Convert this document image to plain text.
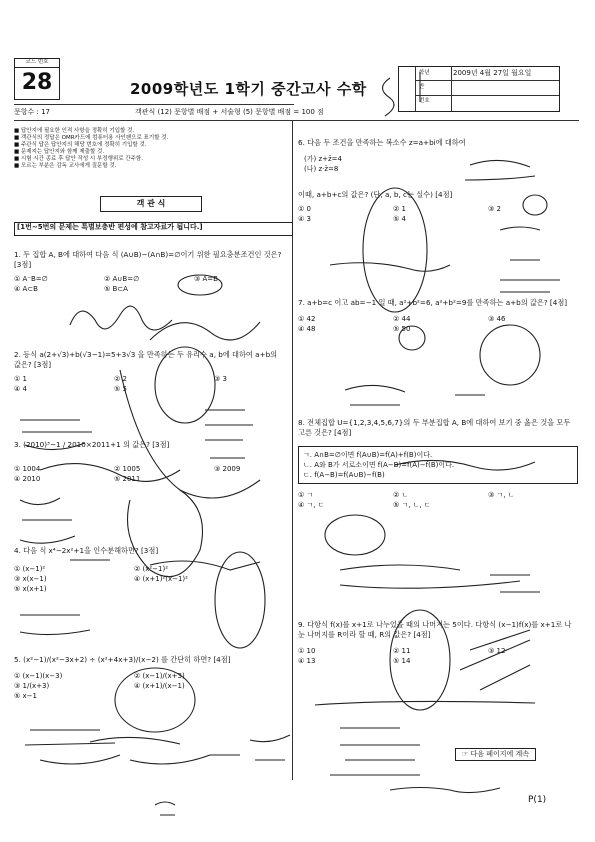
코드 번호
28	2009학년도 1학기 중간고사 수학
2009년 4월 27일 월요일
학년
반
번호
문항수 : 17	객관식 (12) 문항별 배점 + 서술형 (5) 문항별 배점 = 100 점
■ 답안지에 필요한 인적 사항을 정확히 기입할 것.
■ 객관식의 정답은 OMR카드에 컴퓨터용 사인펜으로 표기할 것.
■ 주관식 답은 답안지의 해당 번호에 정확히 기입할 것.
■ 문제지는 답안지와 함께 제출할 것.
■ 시험 시간 종료 후 답안 작성 시 부정행위로 간주함.
■ 모르는 부분은 감독 교사에게 질문할 것.
객 관 식
[1번~5번의 문제는 특별보충반 편성에 참고자료가 됩니다.]
1. 두 집합 A, B에 대하여 다음 식 (A∪B)−(A∩B)=∅이기 위한 필요충분조건인 것은? [3점]
① A⁻B=∅	② A∪B=∅	③ A=B
④ A⊂B	⑤ B⊂A
2. 등식 a(2+√3)+b(√3−1)=5+3√3 을 만족하는 두 유리수 a, b에 대하여 a+b의 값은? [3점]
① 1	② 2	③ 3
④ 4	⑤ 5
3. (2010)³−1 / 2010×2011+1 의 값은? [3점]
① 1004	② 1005	③ 2009
④ 2010	⑤ 2011
4. 다음 식 x⁴−2x²+1을 인수분해하면? [3점]
① (x−1)²	② (x²−1)²
③ x(x−1)	④ (x+1)²(x−1)²
⑤ x(x+1)
5. (x²−1)/(x²−3x+2) ÷ (x²+4x+3)/(x−2) 를 간단히 하면? [4점]
① (x−1)(x−3)	② (x−1)/(x+3)
③ 1/(x+3)	④ (x+1)/(x−1)
⑤ x−1
6. 다음 두 조건을 만족하는 복소수 z=a+bi에 대하여
(가) z+z̄=4
(나) z·z̄=8
이때, a+b+c의 값은? (단, a, b, c는 실수) [4점]
① 0	② 1	③ 2
④ 3	⑤ 4
7. a+b=c 이고 ab=−1 일 때, a²+b²=6, a²+b²=9를 만족하는 a+b의 값은? [4점]
① 42	② 44	③ 46
④ 48	⑤ 50
8. 전체집합 U={1,2,3,4,5,6,7}의 두 부분집합 A, B에 대하여 보기 중 옳은 것을 모두 고른 것은? [4점]
ㄱ. A∩B=∅이면 f(A∪B)=f(A)+f(B)이다.
ㄴ. A와 B가 서로소이면 f(A−B)=f(A)−f(B)이다.
ㄷ. f(A−B)=f(A∪B)−f(B)
① ㄱ	② ㄴ	③ ㄱ, ㄴ
④ ㄱ, ㄷ	⑤ ㄱ, ㄴ, ㄷ
9. 다항식 f(x)를 x+1로 나누었을 때의 나머지는 5이다. 다항식 (x−1)f(x)를 x+1로 나눈 나머지를 R이라 할 때, R의 값은? [4점]
① 10	② 11	③ 12
④ 13	⑤ 14
☞ 다음 페이지에 계속
P(1)
